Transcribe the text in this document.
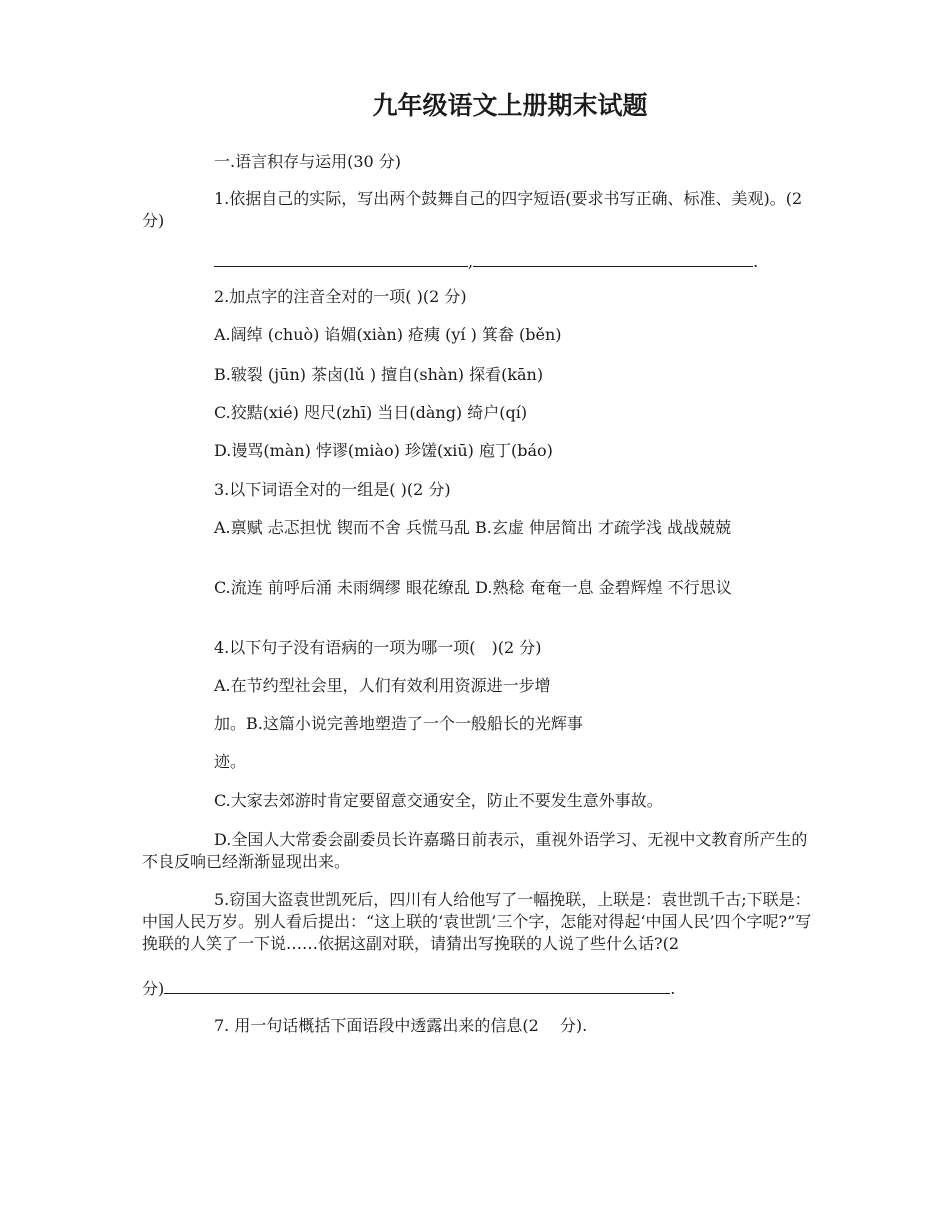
九年级语文上册期末试题
一.语言积存与运用(30 分)
1.依据自己的实际，写出两个鼓舞自己的四字短语(要求书写正确、标准、美观)。(2 分)
,	.
2.加点字的注音全对的一项( )(2 分)
A.阔绰 (chuò) 谄媚(xiàn) 疮痍 (yí ) 箕畚 (běn)
B.皲裂 (jūn) 茶卤(lǔ ) 擅自(shàn) 探看(kān)
C.狡黠(xié) 咫尺(zhī) 当日(dàng) 绮户(qí)
D.谩骂(màn) 悖谬(miào) 珍馐(xiū) 庖丁(báo)
3.以下词语全对的一组是( )(2 分)
A.禀赋 忐忑担忧 锲而不舍 兵慌马乱 B.玄虚 伸居简出 才疏学浅 战战兢兢
C.流连 前呼后涌 未雨绸缪 眼花缭乱 D.熟稔 奄奄一息 金碧辉煌 不行思议
4.以下句子没有语病的一项为哪一项(　)(2 分)
A.在节约型社会里，人们有效利用资源进一步增
加。B.这篇小说完善地塑造了一个一般船长的光辉事
迹。
C.大家去郊游时肯定要留意交通安全，防止不要发生意外事故。
D.全国人大常委会副委员长许嘉璐日前表示，重视外语学习、无视中文教育所产生的不良反响已经渐渐显现出来。
5.窃国大盗袁世凯死后，四川有人给他写了一幅挽联，上联是：袁世凯千古;下联是：中国人民万岁。别人看后提出：“这上联的‘袁世凯’三个字，怎能对得起‘中国人民’四个字呢?”写挽联的人笑了一下说……依据这副对联，请猜出写挽联的人说了些什么话?(2
分)	.
7. 用一句话概括下面语段中透露出来的信息(2　 分).
